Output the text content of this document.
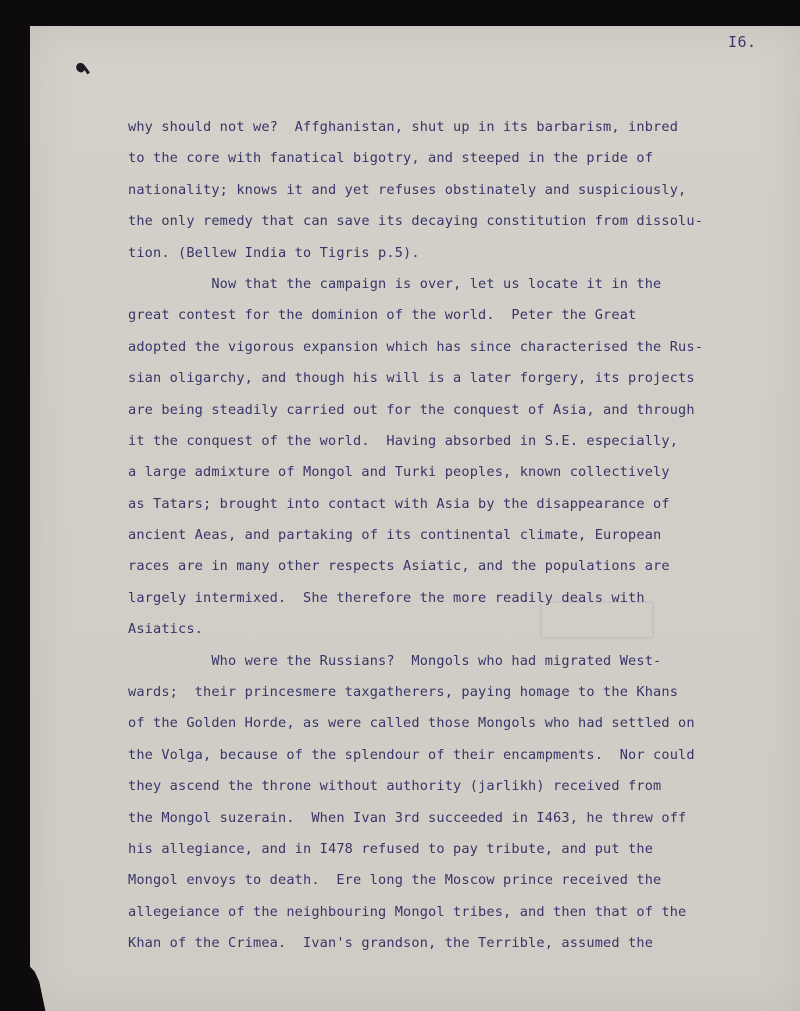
I6.

why should not we?  Affghanistan, shut up in its barbarism, inbred
to the core with fanatical bigotry, and steeped in the pride of
nationality; knows it and yet refuses obstinately and suspiciously,
the only remedy that can save its decaying constitution from dissolu-
tion. (Bellew India to Tigris p.5).
Now that the campaign is over, let us locate it in the
great contest for the dominion of the world.  Peter the Great
adopted the vigorous expansion which has since characterised the Rus-
sian oligarchy, and though his will is a later forgery, its projects
are being steadily carried out for the conquest of Asia, and through
it the conquest of the world.  Having absorbed in S.E. especially,
a large admixture of Mongol and Turki peoples, known collectively
as Tatars; brought into contact with Asia by the disappearance of
ancient Aeas, and partaking of its continental climate, European
races are in many other respects Asiatic, and the populations are
largely intermixed.  She therefore the more readily deals with
Asiatics.
Who were the Russians?  Mongols who had migrated West-
wards;  their princesmere taxgatherers, paying homage to the Khans
of the Golden Horde, as were called those Mongols who had settled on
the Volga, because of the splendour of their encampments.  Nor could
they ascend the throne without authority (jarlikh) received from
the Mongol suzerain.  When Ivan 3rd succeeded in I463, he threw off
his allegiance, and in I478 refused to pay tribute, and put the
Mongol envoys to death.  Ere long the Moscow prince received the
allegeiance of the neighbouring Mongol tribes, and then that of the
Khan of the Crimea.  Ivan's grandson, the Terrible, assumed the
